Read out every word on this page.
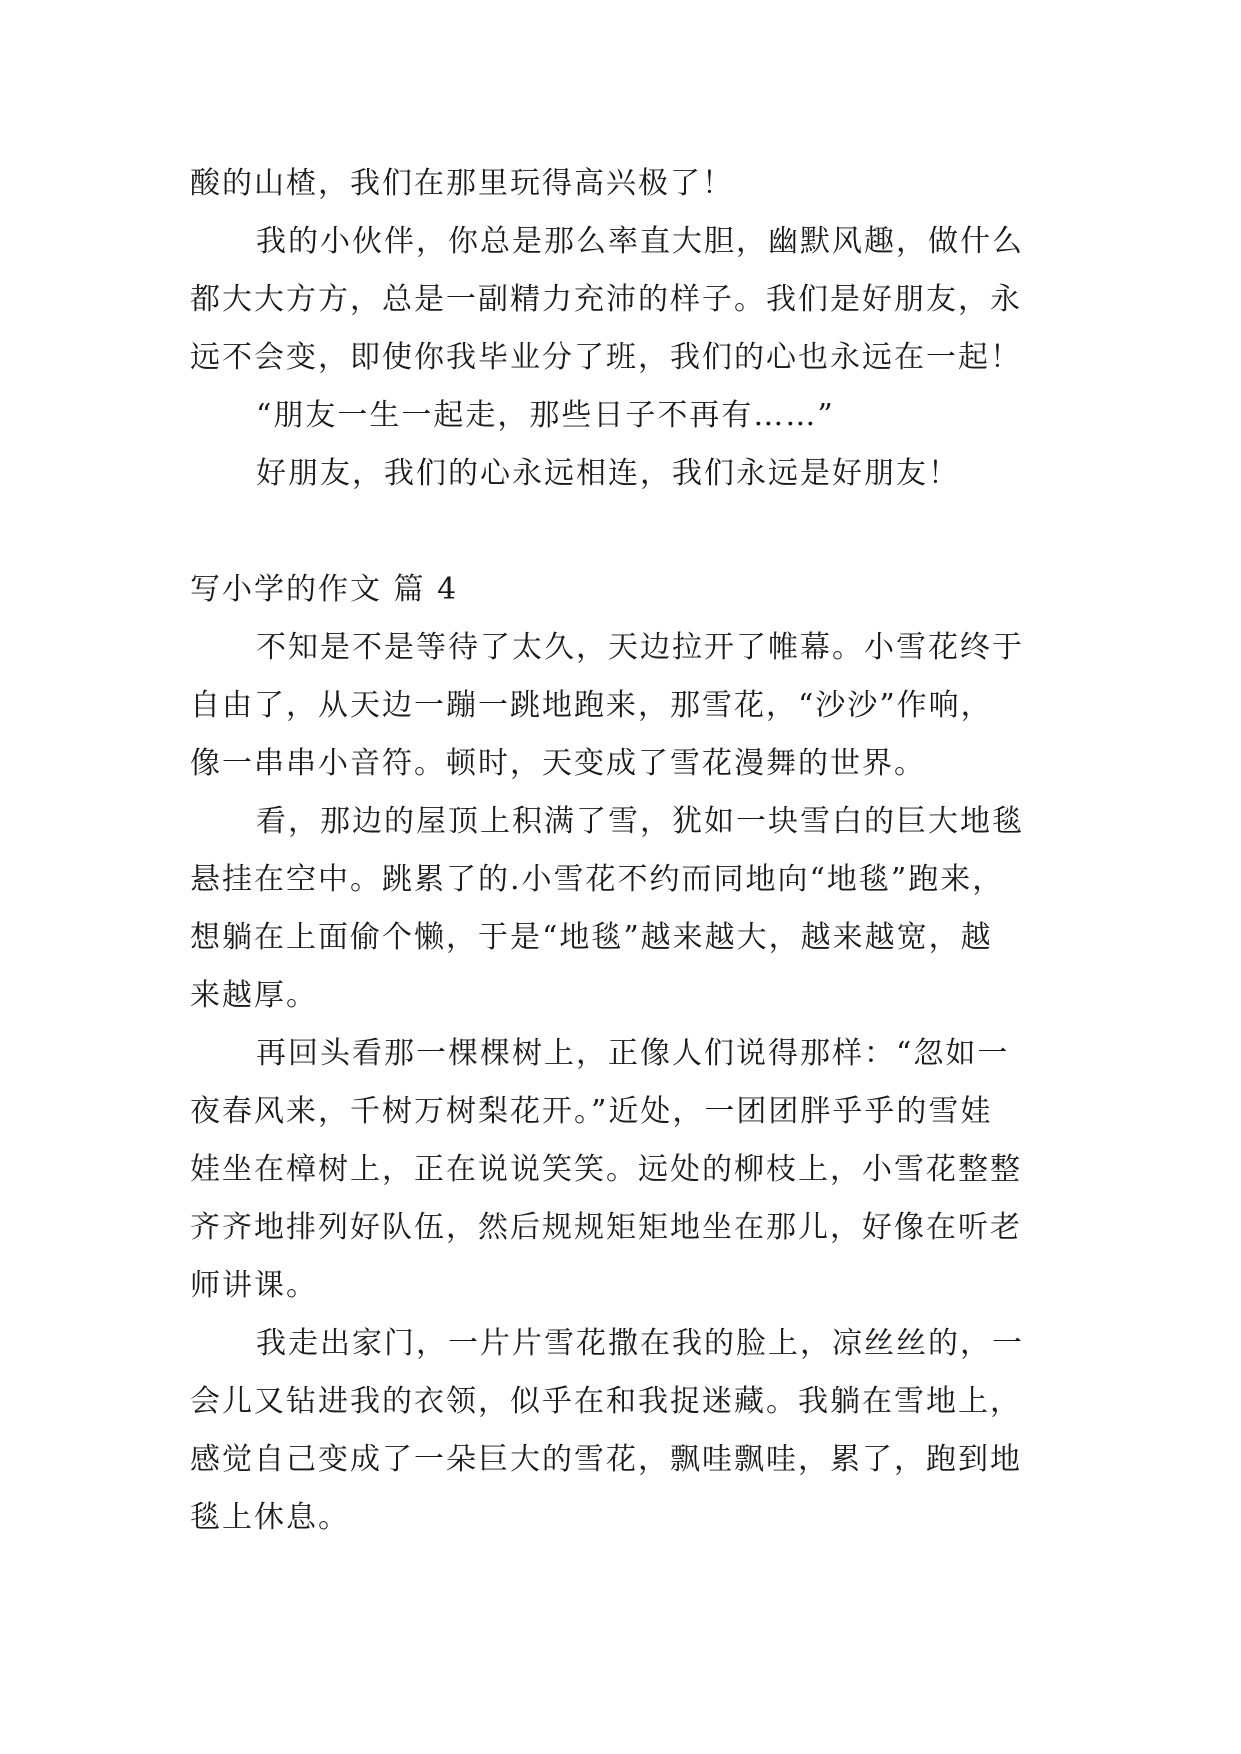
酸的山楂，我们在那里玩得高兴极了！
我的小伙伴，你总是那么率直大胆，幽默风趣，做什么
都大大方方，总是一副精力充沛的样子。我们是好朋友，永
远不会变，即使你我毕业分了班，我们的心也永远在一起！
“朋友一生一起走，那些日子不再有……”
好朋友，我们的心永远相连，我们永远是好朋友！
写小学的作文 篇 4
不知是不是等待了太久，天边拉开了帷幕。小雪花终于
自由了，从天边一蹦一跳地跑来，那雪花，“沙沙”作响，
像一串串小音符。顿时，天变成了雪花漫舞的世界。
看，那边的屋顶上积满了雪，犹如一块雪白的巨大地毯
悬挂在空中。跳累了的.小雪花不约而同地向“地毯”跑来，
想躺在上面偷个懒，于是“地毯”越来越大，越来越宽，越
来越厚。
再回头看那一棵棵树上，正像人们说得那样：“忽如一
夜春风来，千树万树梨花开。”近处，一团团胖乎乎的雪娃
娃坐在樟树上，正在说说笑笑。远处的柳枝上，小雪花整整
齐齐地排列好队伍，然后规规矩矩地坐在那儿，好像在听老
师讲课。
我走出家门，一片片雪花撒在我的脸上，凉丝丝的，一
会儿又钻进我的衣领，似乎在和我捉迷藏。我躺在雪地上，
感觉自己变成了一朵巨大的雪花，飘哇飘哇，累了，跑到地
毯上休息。
